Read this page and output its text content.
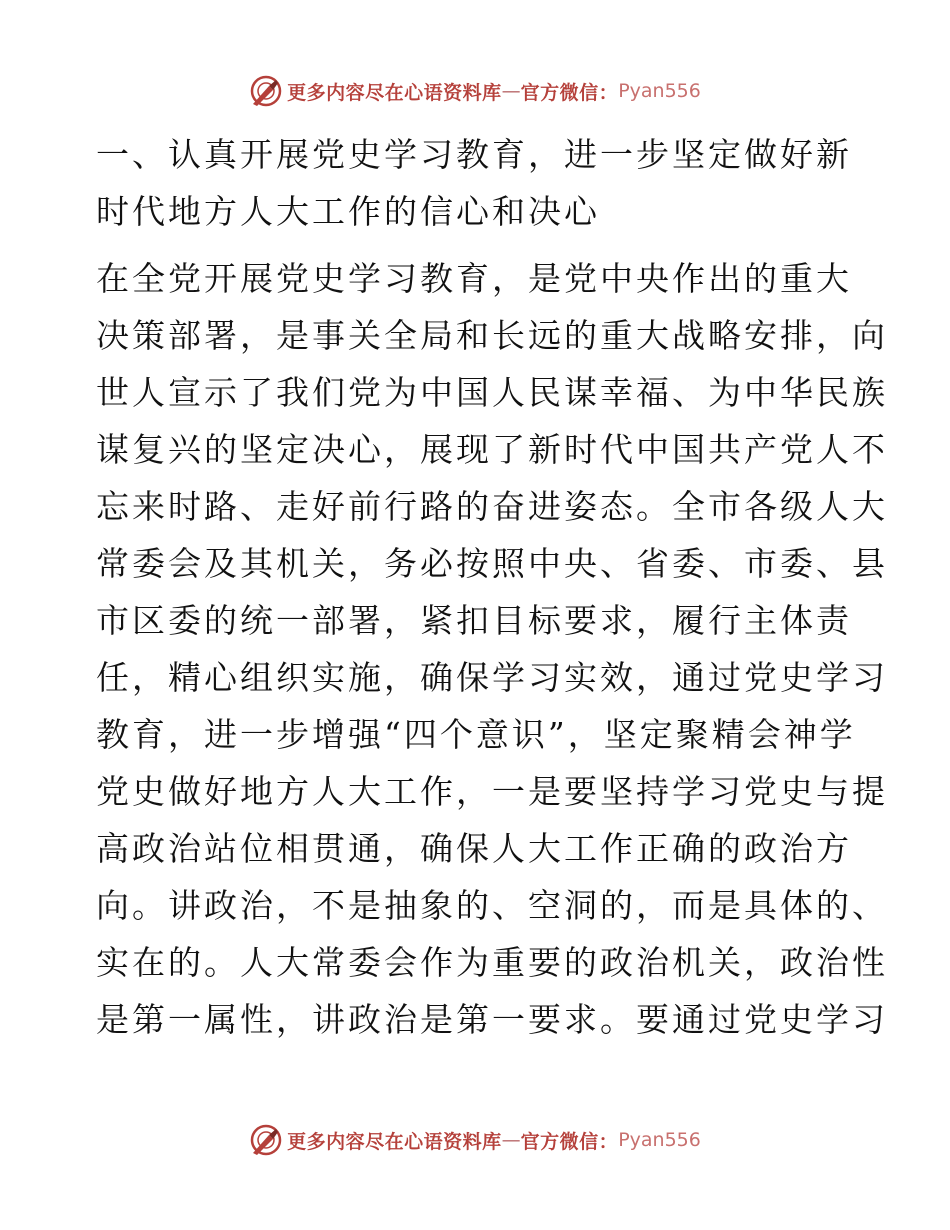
更多内容尽在心语资料库 — 官方微信： Pyan556
一、认真开展党史学习教育，进一步坚定做好新
时代地方人大工作的信心和决心
在全党开展党史学习教育，是党中央作出的重大
决策部署，是事关全局和长远的重大战略安排，向
世人宣示了我们党为中国人民谋幸福、为中华民族
谋复兴的坚定决心，展现了新时代中国共产党人不
忘来时路、走好前行路的奋进姿态。全市各级人大
常委会及其机关，务必按照中央、省委、市委、县
市区委的统一部署，紧扣目标要求，履行主体责
任，精心组织实施，确保学习实效，通过党史学习
教育，进一步增强“四个意识”，坚定聚精会神学
党史做好地方人大工作，一是要坚持学习党史与提
高政治站位相贯通，确保人大工作正确的政治方
向。讲政治，不是抽象的、空洞的，而是具体的、
实在的。人大常委会作为重要的政治机关，政治性
是第一属性，讲政治是第一要求。要通过党史学习
更多内容尽在心语资料库 — 官方微信： Pyan556
